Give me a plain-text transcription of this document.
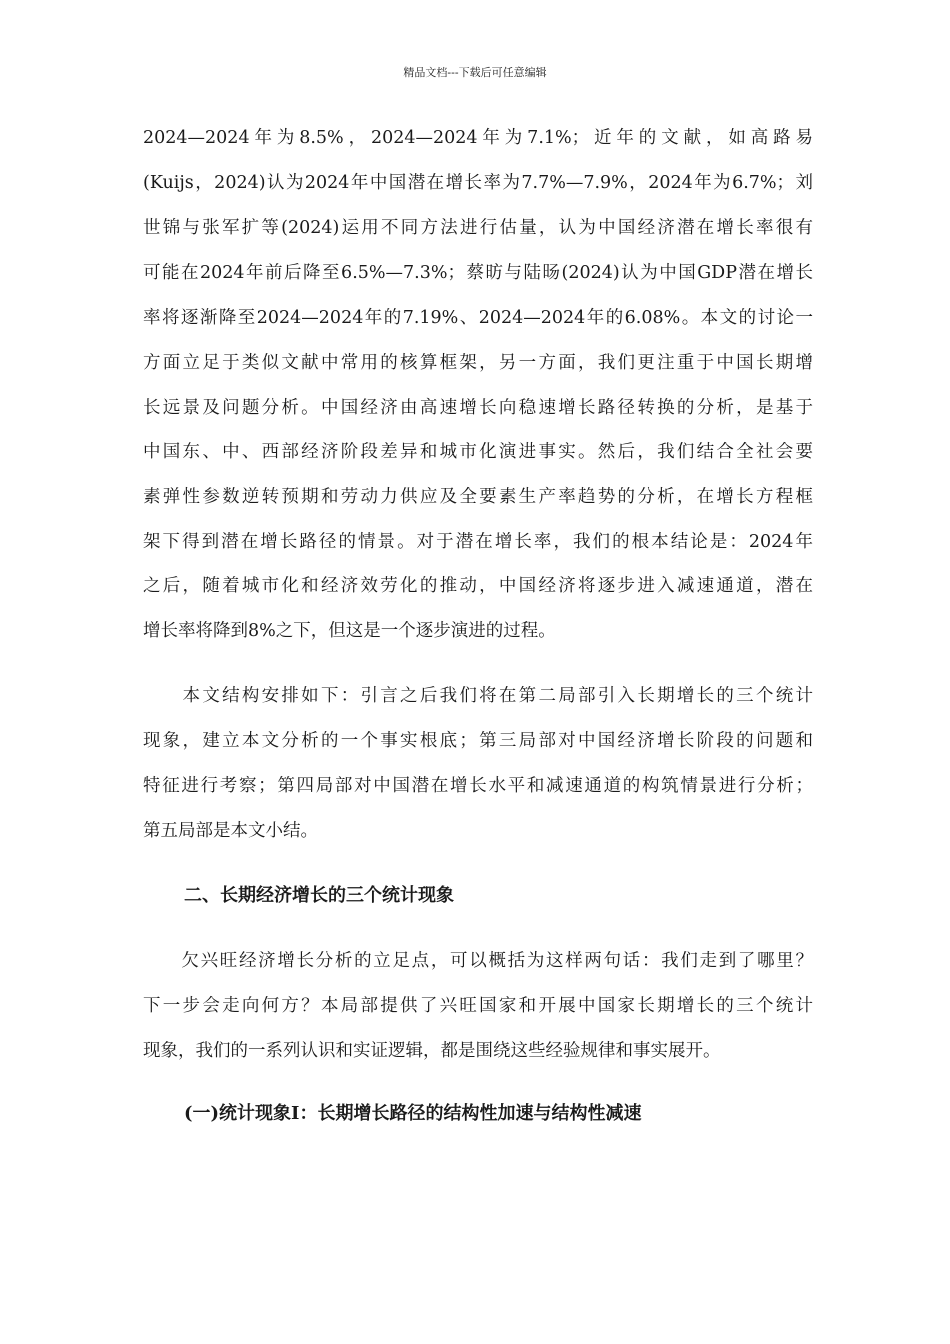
精品文档---下载后可任意编辑
2024—2024年为8.5%，2024—2024年为7.1%；近年的文献，如高路易
(Kuijs，2024)认为2024年中国潜在增长率为7.7%—7.9%，2024年为6.7%；刘
世锦与张军扩等(2024)运用不同方法进行估量，认为中国经济潜在增长率很有
可能在2024年前后降至6.5%—7.3%；蔡昉与陆旸(2024)认为中国GDP潜在增长
率将逐渐降至2024—2024年的7.19%、2024—2024年的6.08%。本文的讨论一
方面立足于类似文献中常用的核算框架，另一方面，我们更注重于中国长期增
长远景及问题分析。中国经济由高速增长向稳速增长路径转换的分析，是基于
中国东、中、西部经济阶段差异和城市化演进事实。然后，我们结合全社会要
素弹性参数逆转预期和劳动力供应及全要素生产率趋势的分析，在增长方程框
架下得到潜在增长路径的情景。对于潜在增长率，我们的根本结论是：2024年
之后，随着城市化和经济效劳化的推动，中国经济将逐步进入减速通道，潜在
增长率将降到8%之下，但这是一个逐步演进的过程。
　　本文结构安排如下：引言之后我们将在第二局部引入长期增长的三个统计
现象，建立本文分析的一个事实根底；第三局部对中国经济增长阶段的问题和
特征进行考察；第四局部对中国潜在增长水平和减速通道的构筑情景进行分析；
第五局部是本文小结。
二、长期经济增长的三个统计现象
　　欠兴旺经济增长分析的立足点，可以概括为这样两句话：我们走到了哪里？
下一步会走向何方？本局部提供了兴旺国家和开展中国家长期增长的三个统计
现象，我们的一系列认识和实证逻辑，都是围绕这些经验规律和事实展开。
(一)统计现象Ⅰ：长期增长路径的结构性加速与结构性减速
